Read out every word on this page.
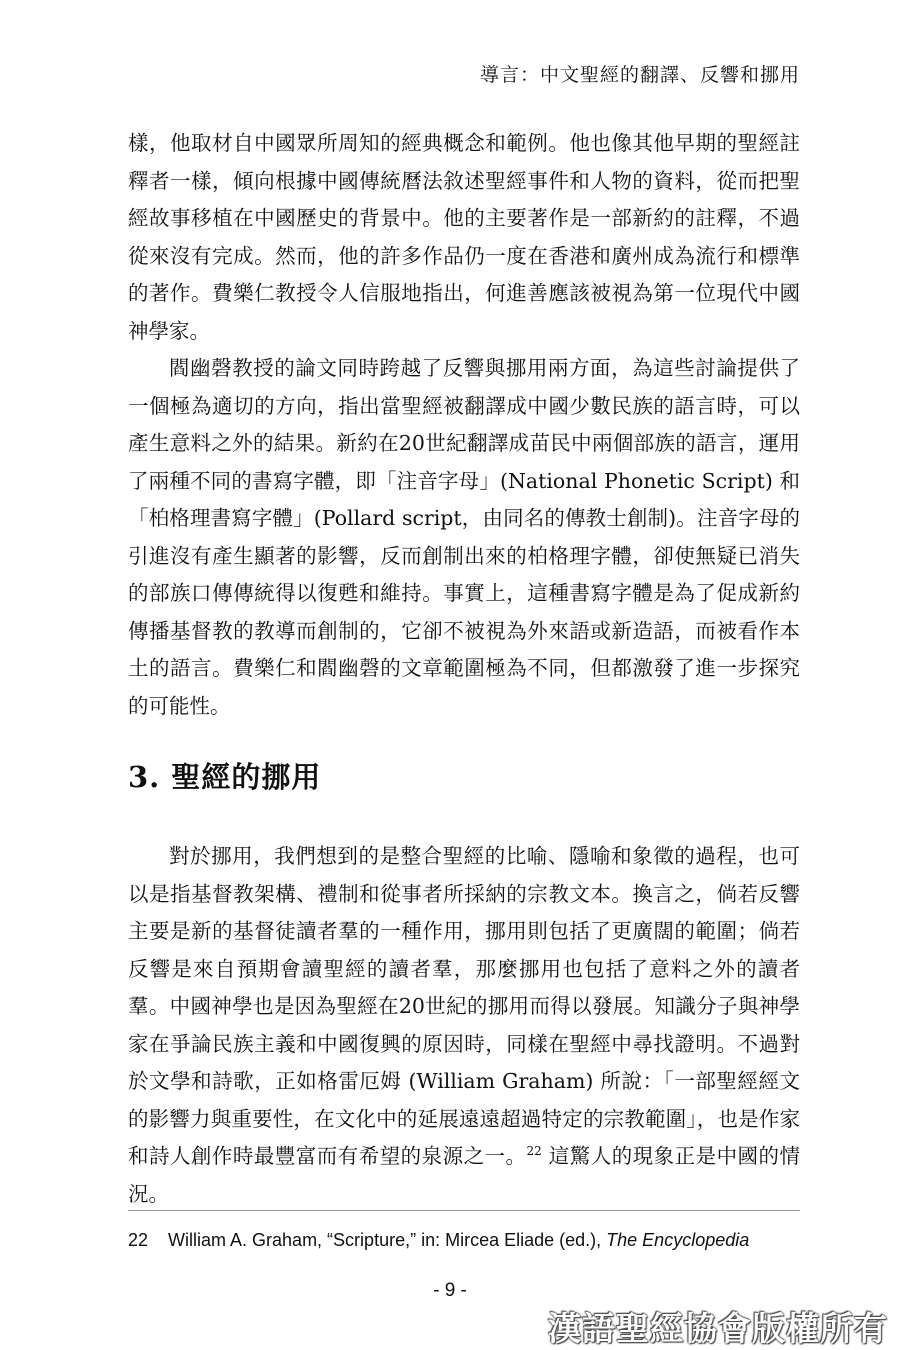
導言：中文聖經的翻譯、反響和挪用

樣，他取材自中國眾所周知的經典概念和範例。他也像其他早期的聖經註釋者一樣，傾向根據中國傳統曆法敘述聖經事件和人物的資料，從而把聖經故事移植在中國歷史的背景中。他的主要著作是一部新約的註釋，不過從來沒有完成。然而，他的許多作品仍一度在香港和廣州成為流行和標準的著作。費樂仁教授令人信服地指出，何進善應該被視為第一位現代中國神學家。

閻幽磬教授的論文同時跨越了反響與挪用兩方面，為這些討論提供了一個極為適切的方向，指出當聖經被翻譯成中國少數民族的語言時，可以產生意料之外的結果。新約在20世紀翻譯成苗民中兩個部族的語言，運用了兩種不同的書寫字體，即「注音字母」(National Phonetic Script) 和「柏格理書寫字體」(Pollard script，由同名的傳教士創制)。注音字母的引進沒有產生顯著的影響，反而創制出來的柏格理字體，卻使無疑已消失的部族口傳傳統得以復甦和維持。事實上，這種書寫字體是為了促成新約傳播基督教的教導而創制的，它卻不被視為外來語或新造語，而被看作本土的語言。費樂仁和閻幽磬的文章範圍極為不同，但都激發了進一步探究的可能性。

3. 聖經的挪用

對於挪用，我們想到的是整合聖經的比喻、隱喻和象徵的過程，也可以是指基督教架構、禮制和從事者所採納的宗教文本。換言之，倘若反響主要是新的基督徒讀者羣的一種作用，挪用則包括了更廣闊的範圍；倘若反響是來自預期會讀聖經的讀者羣，那麼挪用也包括了意料之外的讀者羣。中國神學也是因為聖經在20世紀的挪用而得以發展。知識分子與神學家在爭論民族主義和中國復興的原因時，同樣在聖經中尋找證明。不過對於文學和詩歌，正如格雷厄姆 (William Graham) 所說：「一部聖經經文的影響力與重要性，在文化中的延展遠遠超過特定的宗教範圍」，也是作家和詩人創作時最豐富而有希望的泉源之一。$^{22}$ 這驚人的現象正是中國的情況。

22 William A. Graham, “Scripture,” in: Mircea Eliade (ed.), The Encyclopedia
- 9 -
漢語聖經協會版權所有
